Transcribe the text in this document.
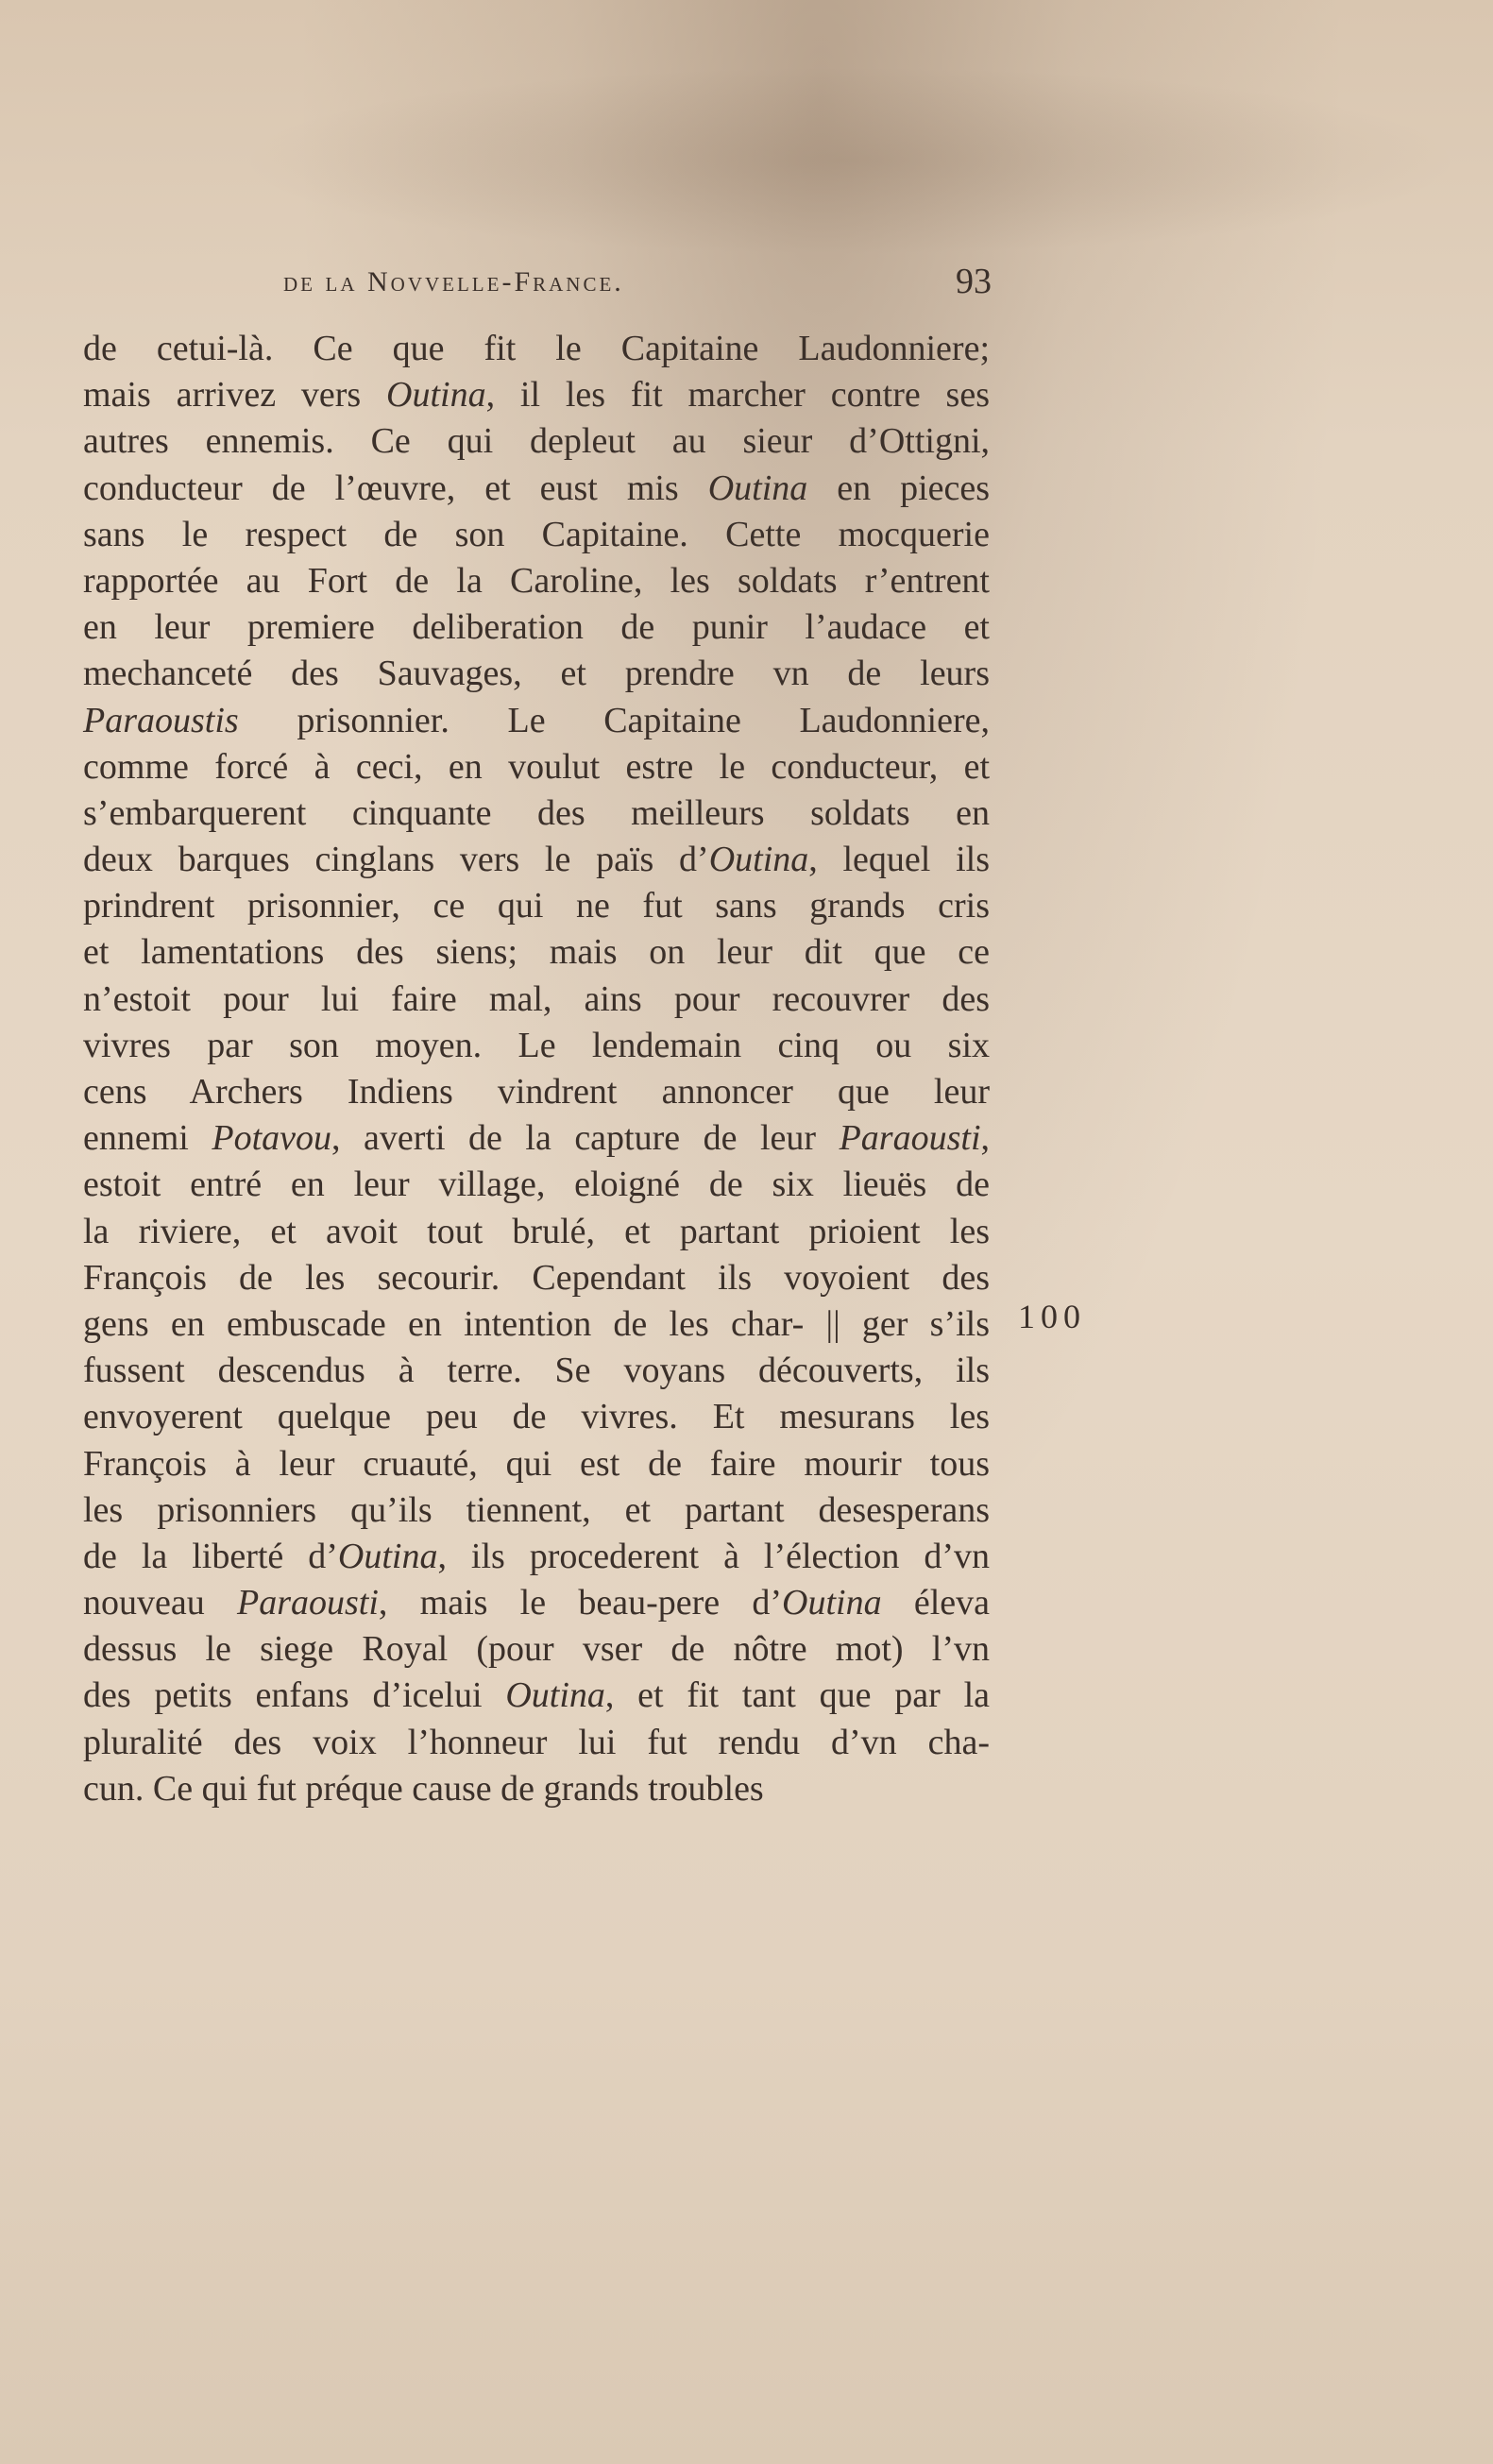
de la Novvelle-France.	93
de cetui-là. Ce que fit le Capitaine Laudonniere;
mais arrivez vers Outina, il les fit marcher contre ses
autres ennemis. Ce qui depleut au sieur d’Ottigni,
conducteur de l’œuvre, et eust mis Outina en pieces
sans le respect de son Capitaine. Cette mocquerie
rapportée au Fort de la Caroline, les soldats r’entrent
en leur premiere deliberation de punir l’audace et
mechanceté des Sauvages, et prendre vn de leurs
Paraoustis prisonnier. Le Capitaine Laudonniere,
comme forcé à ceci, en voulut estre le conducteur, et
s’embarquerent cinquante des meilleurs soldats en
deux barques cinglans vers le païs d’Outina, lequel ils
prindrent prisonnier, ce qui ne fut sans grands cris
et lamentations des siens; mais on leur dit que ce
n’estoit pour lui faire mal, ains pour recouvrer des
vivres par son moyen. Le lendemain cinq ou six
cens Archers Indiens vindrent annoncer que leur
ennemi Potavou, averti de la capture de leur Paraousti,
estoit entré en leur village, eloigné de six lieuës de
la riviere, et avoit tout brulé, et partant prioient les
François de les secourir. Cependant ils voyoient des
gens en embuscade en intention de les char- || ger s’ils
fussent descendus à terre. Se voyans découverts, ils
envoyerent quelque peu de vivres. Et mesurans les
François à leur cruauté, qui est de faire mourir tous
les prisonniers qu’ils tiennent, et partant desesperans
de la liberté d’Outina, ils procederent à l’élection d’vn
nouveau Paraousti, mais le beau-pere d’Outina éleva
dessus le siege Royal (pour vser de nôtre mot) l’vn
des petits enfans d’icelui Outina, et fit tant que par la
pluralité des voix l’honneur lui fut rendu d’vn cha-
cun. Ce qui fut préque cause de grands troubles
100
